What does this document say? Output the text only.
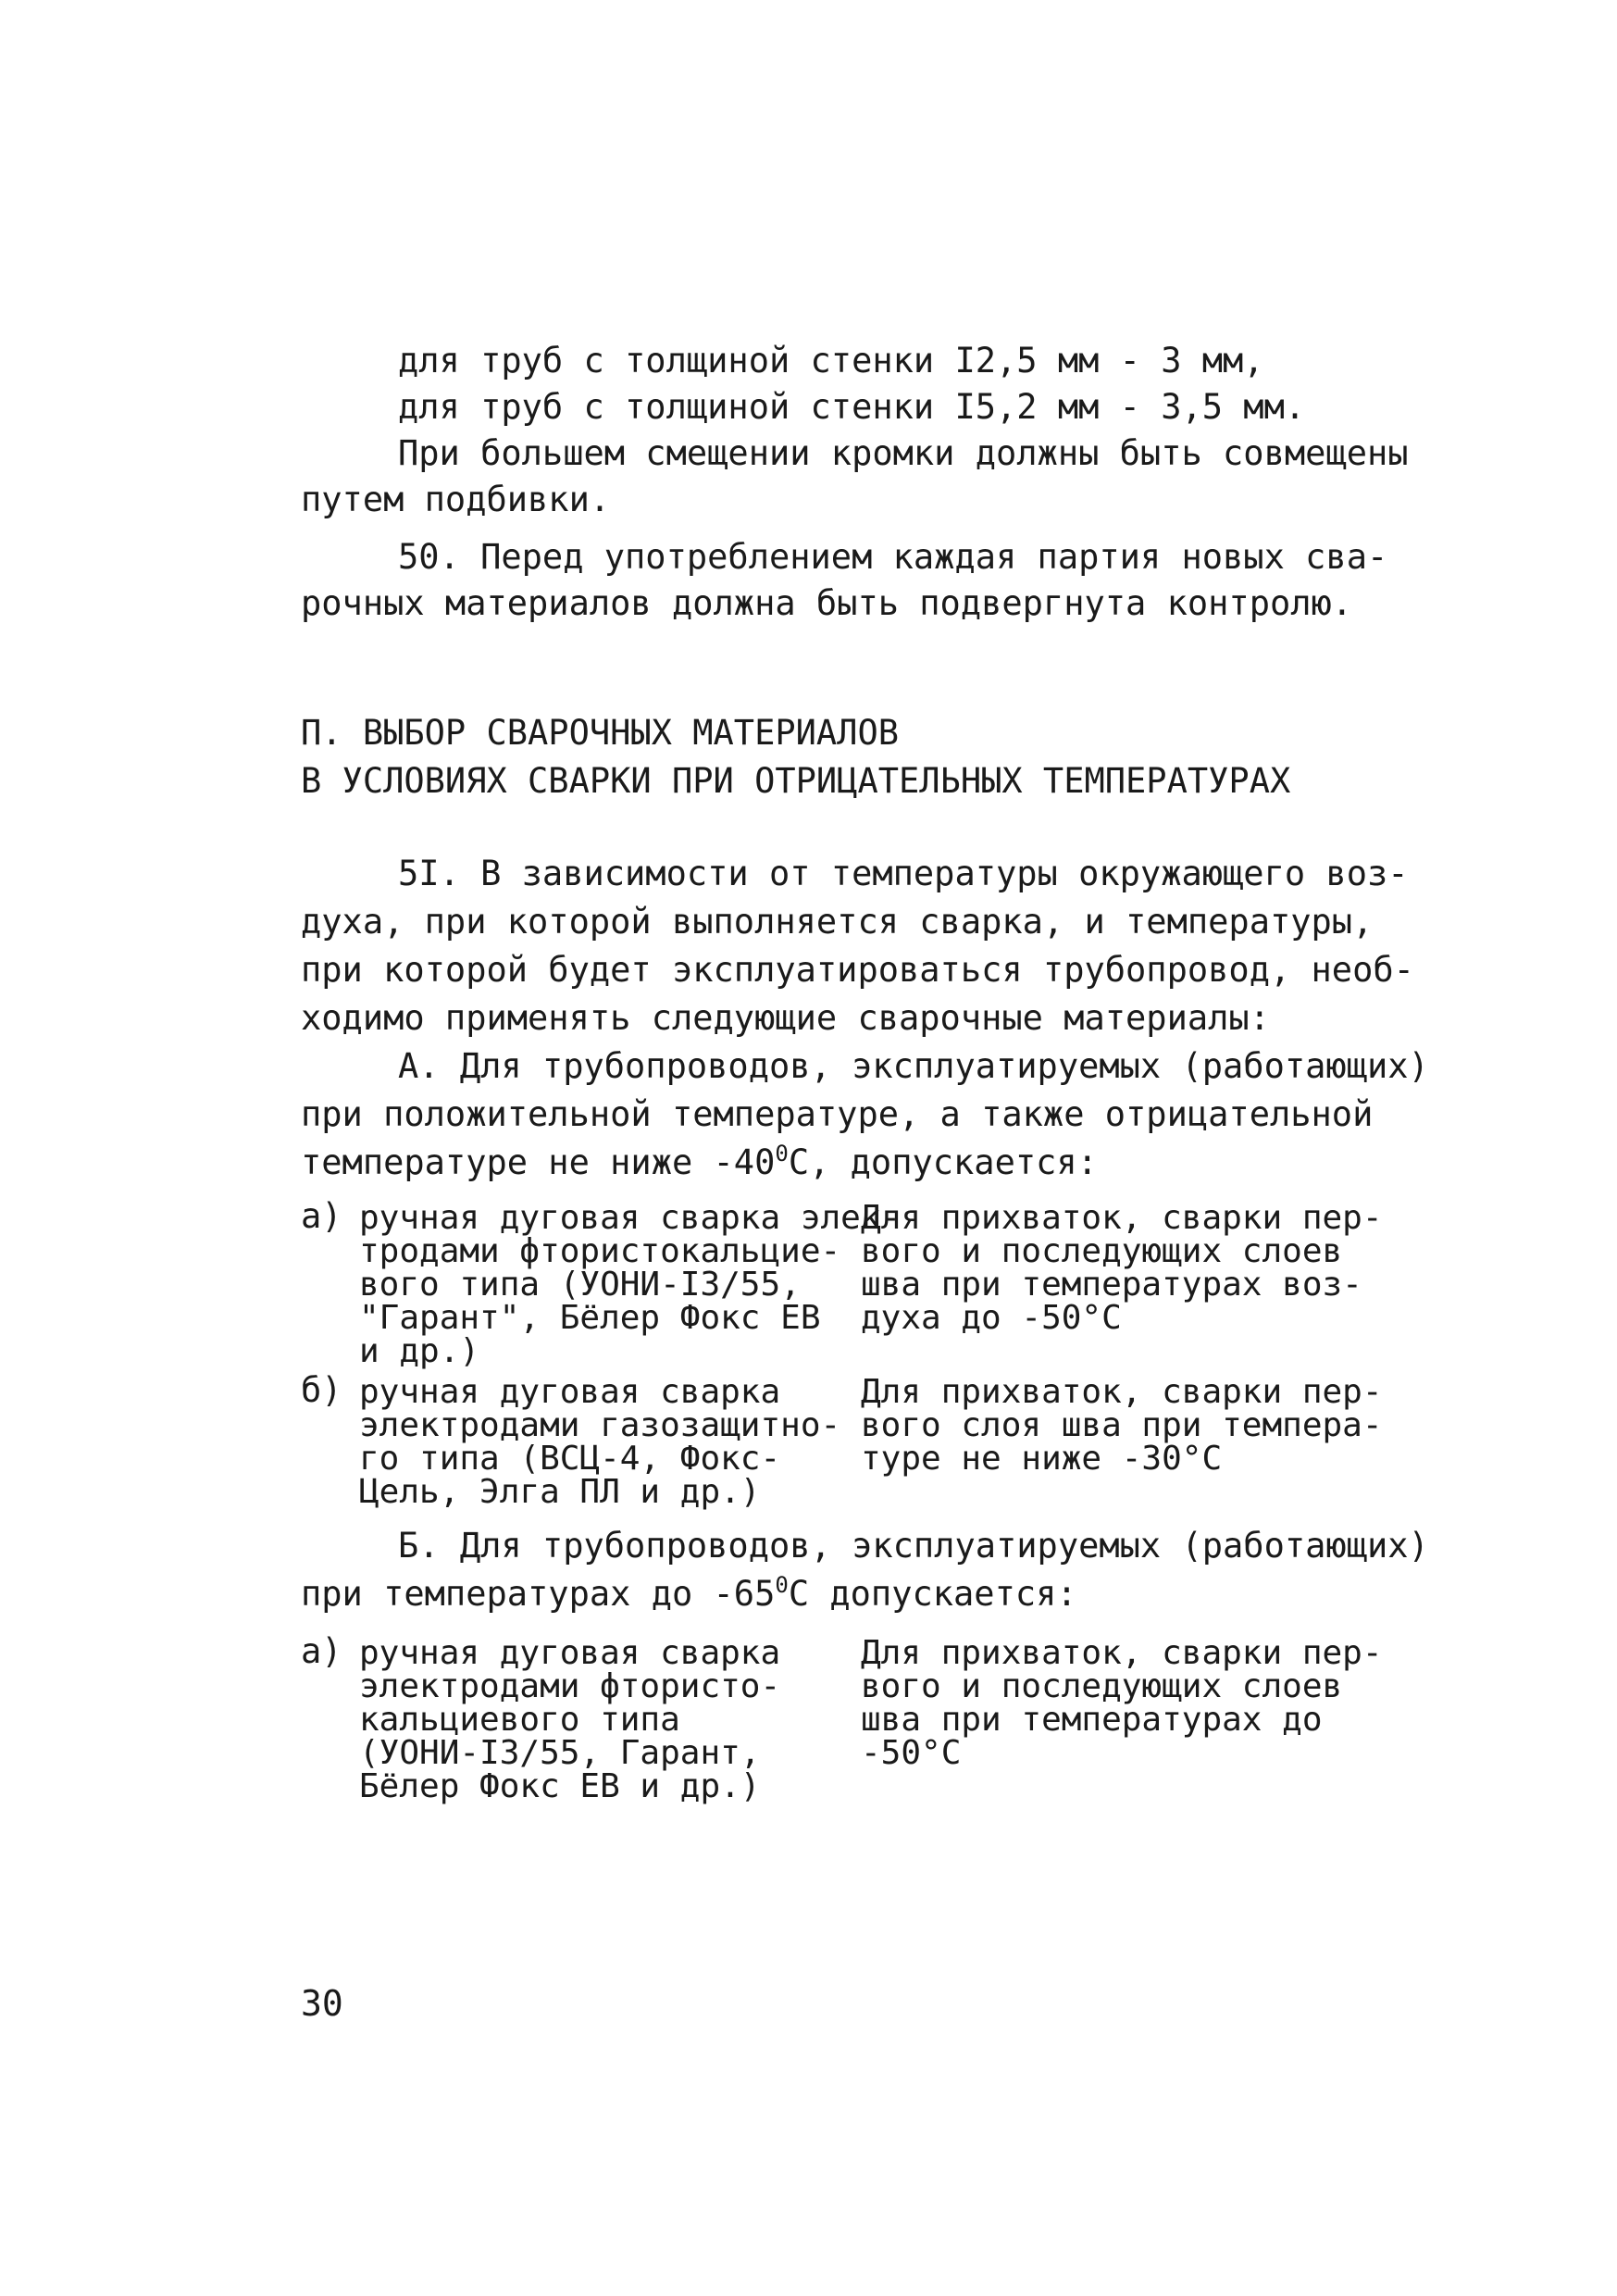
для труб с толщиной стенки I2,5 мм - 3 мм,
для труб с толщиной стенки I5,2 мм - 3,5 мм.
При большем смещении кромки должны быть совмещены
путем подбивки.
50. Перед употреблением каждая партия новых сва-
рочных материалов должна быть подвергнута контролю.
П. ВЫБОР СВАРОЧНЫХ МАТЕРИАЛОВ
В УСЛОВИЯХ СВАРКИ ПРИ ОТРИЦАТЕЛЬНЫХ ТЕМПЕРАТУРАХ
5I. В зависимости от температуры окружающего воз-
духа, при которой выполняется сварка, и температуры,
при которой будет эксплуатироваться трубопровод, необ-
ходимо применять следующие сварочные материалы:
А. Для трубопроводов, эксплуатируемых (работающих)
при положительной температуре, а также отрицательной
температуре не ниже $-40^0С$, допускается:
а) ручная дуговая сварка элек-
тродами фтористокальцие-
вого типа (УОНИ-I3/55,
"Гарант", Бёлер Фокс ЕВ
и др.)
Для прихваток, сварки пер-
вого и последующих слоев
шва при температурах воз-
духа до -50°С
б) ручная дуговая сварка
электродами газозащитно-
го типа (ВСЦ-4, Фокс-
Цель, Элга ПЛ и др.)
Для прихваток, сварки пер-
вого слоя шва при темпера-
туре не ниже -30°С
Б. Для трубопроводов, эксплуатируемых (работающих)
при температурах до $-65^0С$ допускается:
а) ручная дуговая сварка
электродами фтористо-
кальциевого типа
(УОНИ-I3/55, Гарант,
Бёлер Фокс ЕВ и др.)
Для прихваток, сварки пер-
вого и последующих слоев
шва при температурах до
-50°С
30
